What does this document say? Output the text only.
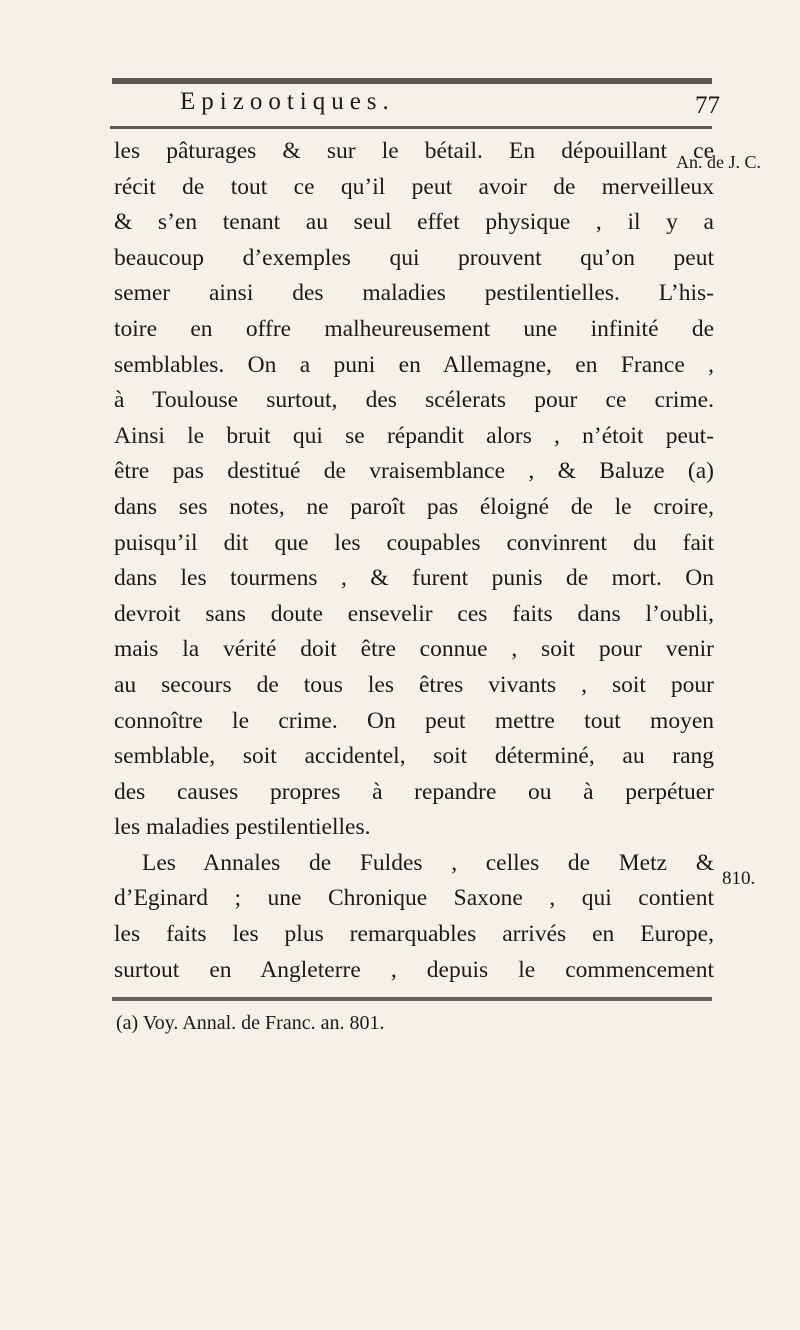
Epizootiques.	77
les pâturages & sur le bétail. En dépouillant ce
récit de tout ce qu’il peut avoir de merveilleux
& s’en tenant au seul effet physique , il y a
beaucoup d’exemples qui prouvent qu’on peut
semer ainsi des maladies pestilentielles. L’his-
toire en offre malheureusement une infinité de
semblables. On a puni en Allemagne, en France ,
à Toulouse surtout, des scélerats pour ce crime.
Ainsi le bruit qui se répandit alors , n’étoit peut-
être pas destitué de vraisemblance , & Baluze (a)
dans ses notes, ne paroît pas éloigné de le croire,
puisqu’il dit que les coupables convinrent du fait
dans les tourmens , & furent punis de mort. On
devroit sans doute ensevelir ces faits dans l’oubli,
mais la vérité doit être connue , soit pour venir
au secours de tous les êtres vivants , soit pour
connoître le crime. On peut mettre tout moyen
semblable, soit accidentel, soit déterminé, au rang
des causes propres à repandre ou à perpétuer
les maladies pestilentielles.
Les Annales de Fuldes , celles de Metz &
d’Eginard ; une Chronique Saxone , qui contient
les faits les plus remarquables arrivés en Europe,
surtout en Angleterre , depuis le commencement
An. de J. C.
810.
(a) Voy. Annal. de Franc. an. 801.
